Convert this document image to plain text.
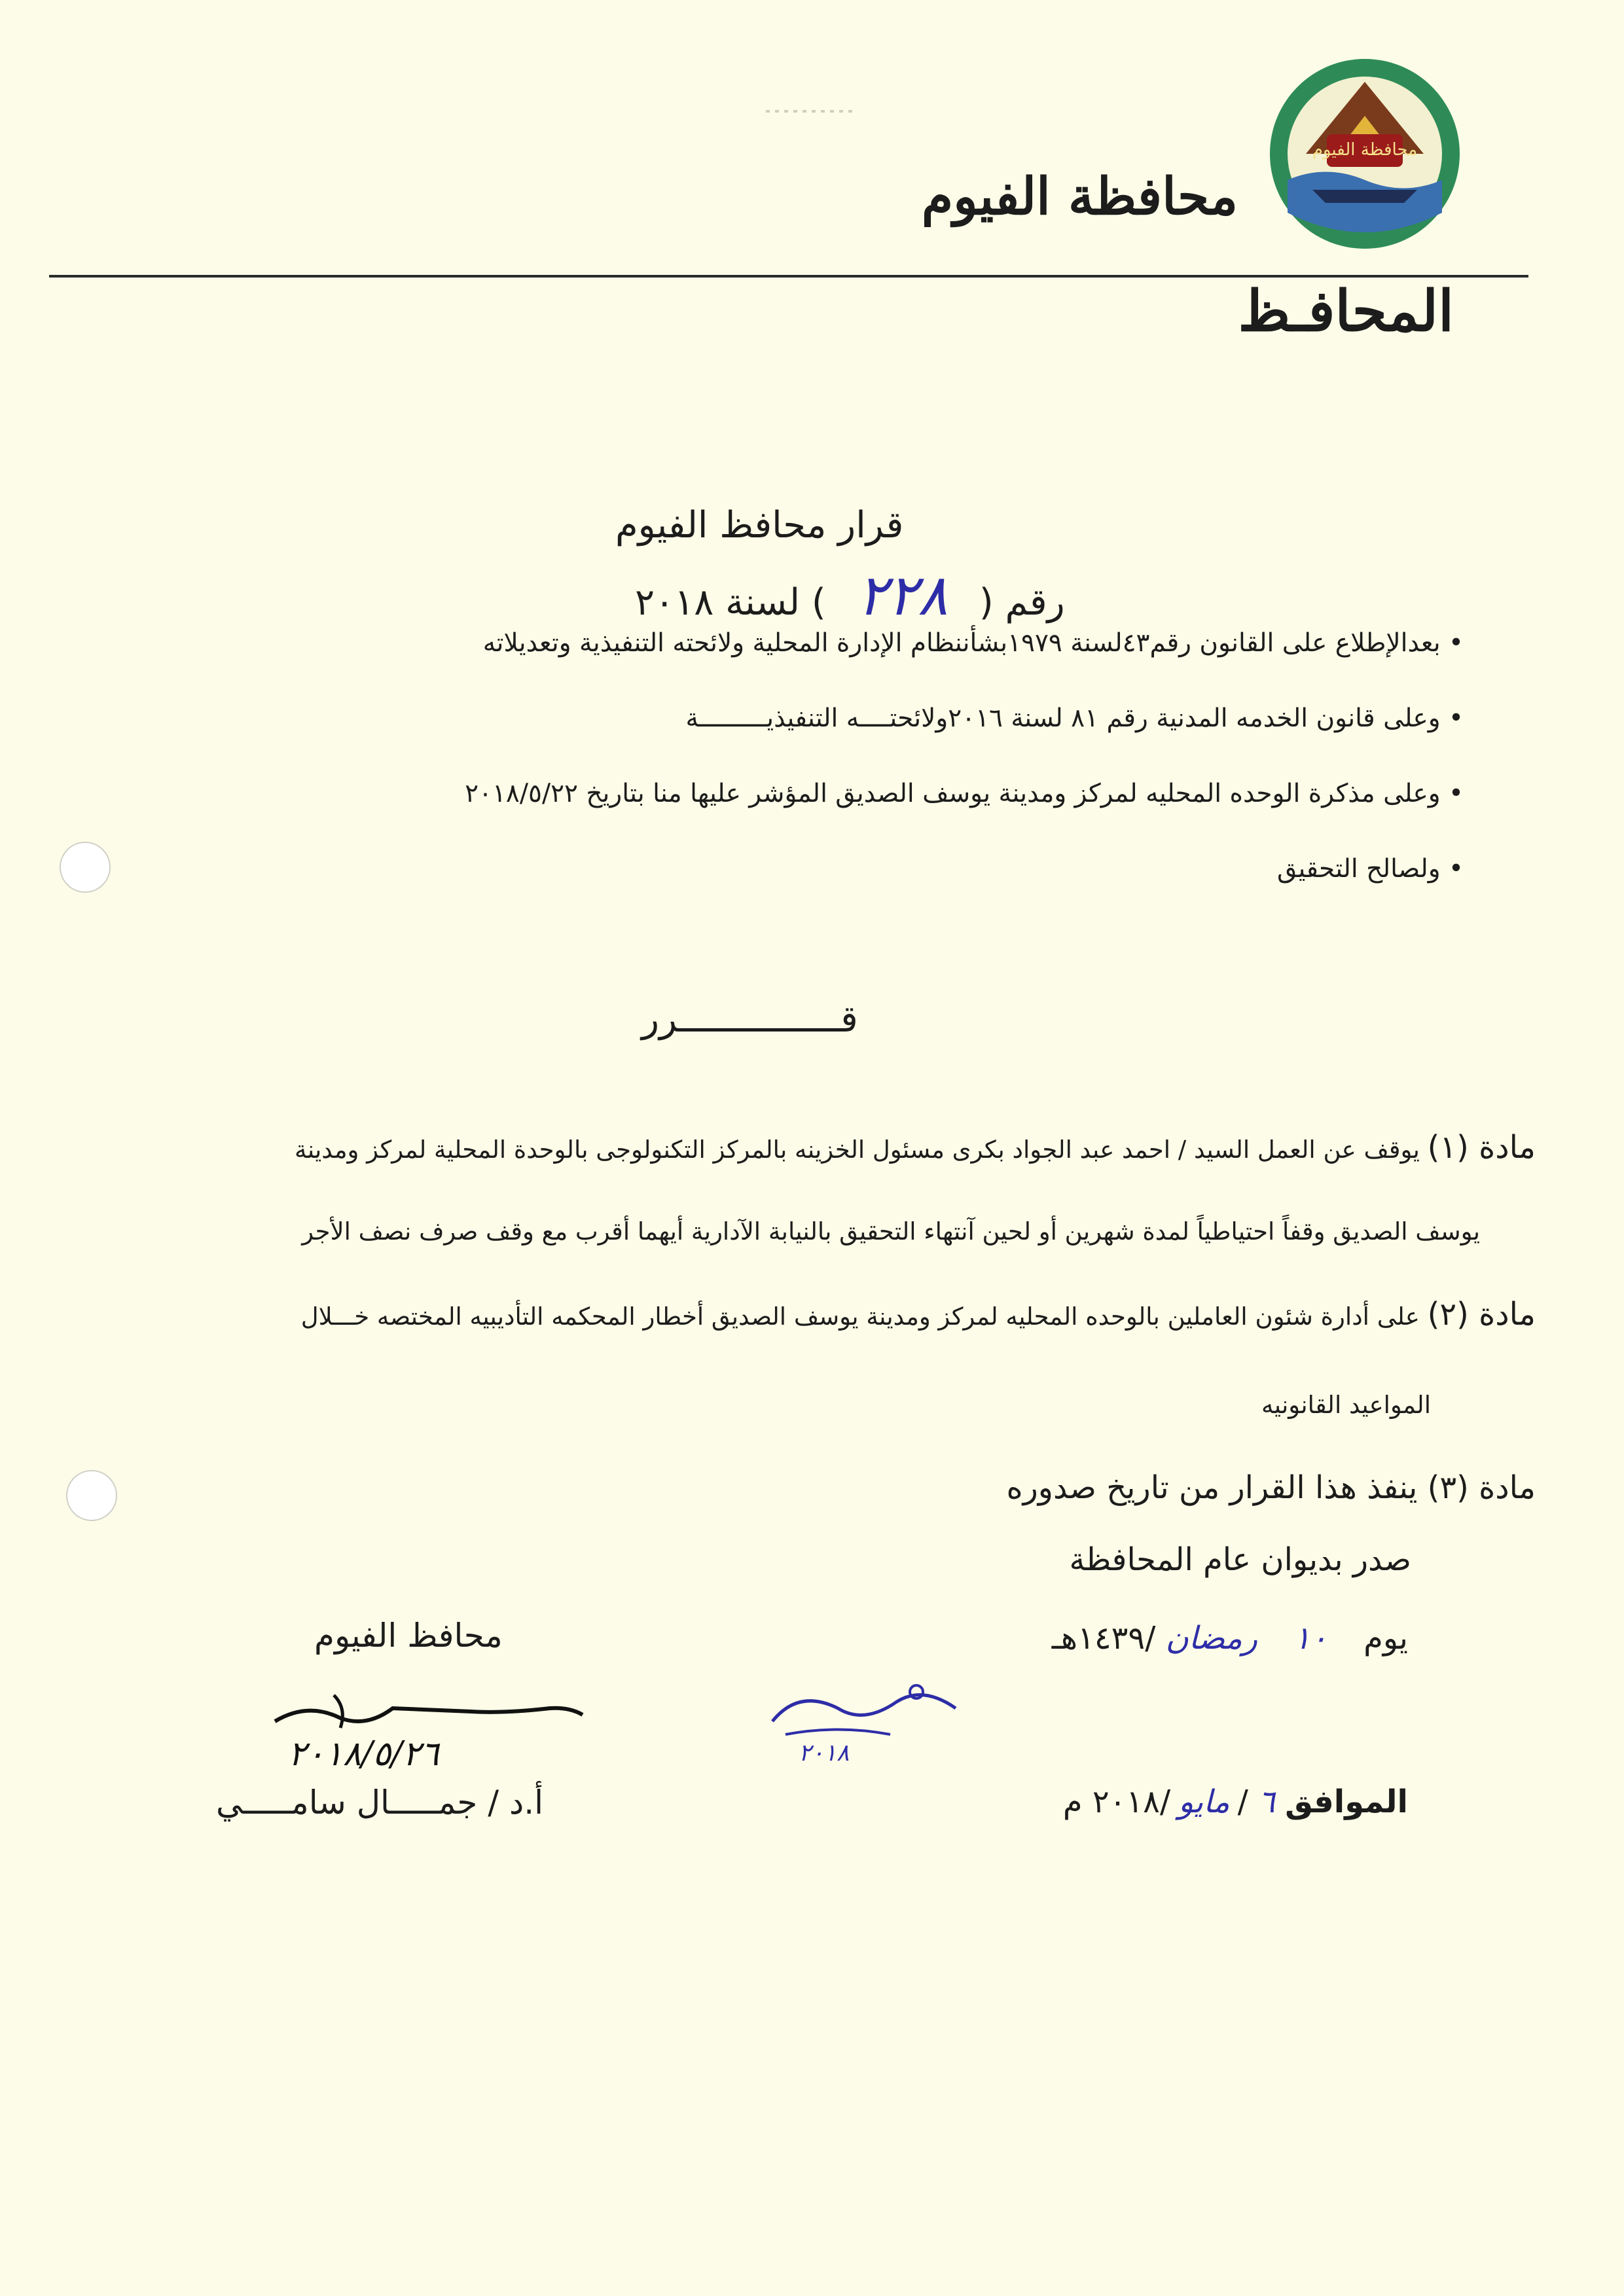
محافظة الفيوم
محافظة الفيوم
المحافـظ
قرار محافظ الفيوم
رقم ( ٢٢٨ ) لسنة ٢٠١٨
• بعدالإطلاع على القانون رقم٤٣لسنة ١٩٧٩بشأننظام الإدارة المحلية ولائحته التنفيذية وتعديلاته
• وعلى قانون الخدمه المدنية رقم ٨١ لسنة ٢٠١٦ولائحتــــه التنفيذيـــــــــة
• وعلى مذكرة الوحده المحليه لمركز ومدينة يوسف الصديق المؤشر عليها منا بتاريخ ٢٠١٨/٥/٢٢
• ولصالح التحقيق
قـــــــــــــــرر
مادة (١) يوقف عن العمل السيد / احمد عبد الجواد بكرى مسئول الخزينه بالمركز التكنولوجى بالوحدة المحلية لمركز ومدينة
يوسف الصديق وقفاً احتياطياً لمدة شهرين أو لحين آنتهاء التحقيق بالنيابة الآدارية أيهما أقرب مع وقف صرف نصف الأجر
مادة (٢) على أدارة شئون العاملين بالوحده المحليه لمركز ومدينة يوسف الصديق أخطار المحكمه التأديبيه المختصه خـــلال
المواعيد القانونيه
مادة (٣) ينفذ هذا القرار من تاريخ صدوره
صدر بديوان عام المحافظة
يوم ١٠ رمضان /١٤٣٩هـ
الموافق ٦ /مايو/٢٠١٨ م
٢٠١٨
محافظ الفيوم
٢٠١٨/٥/٢٦
أ.د / جمـــــال سامـــــي
